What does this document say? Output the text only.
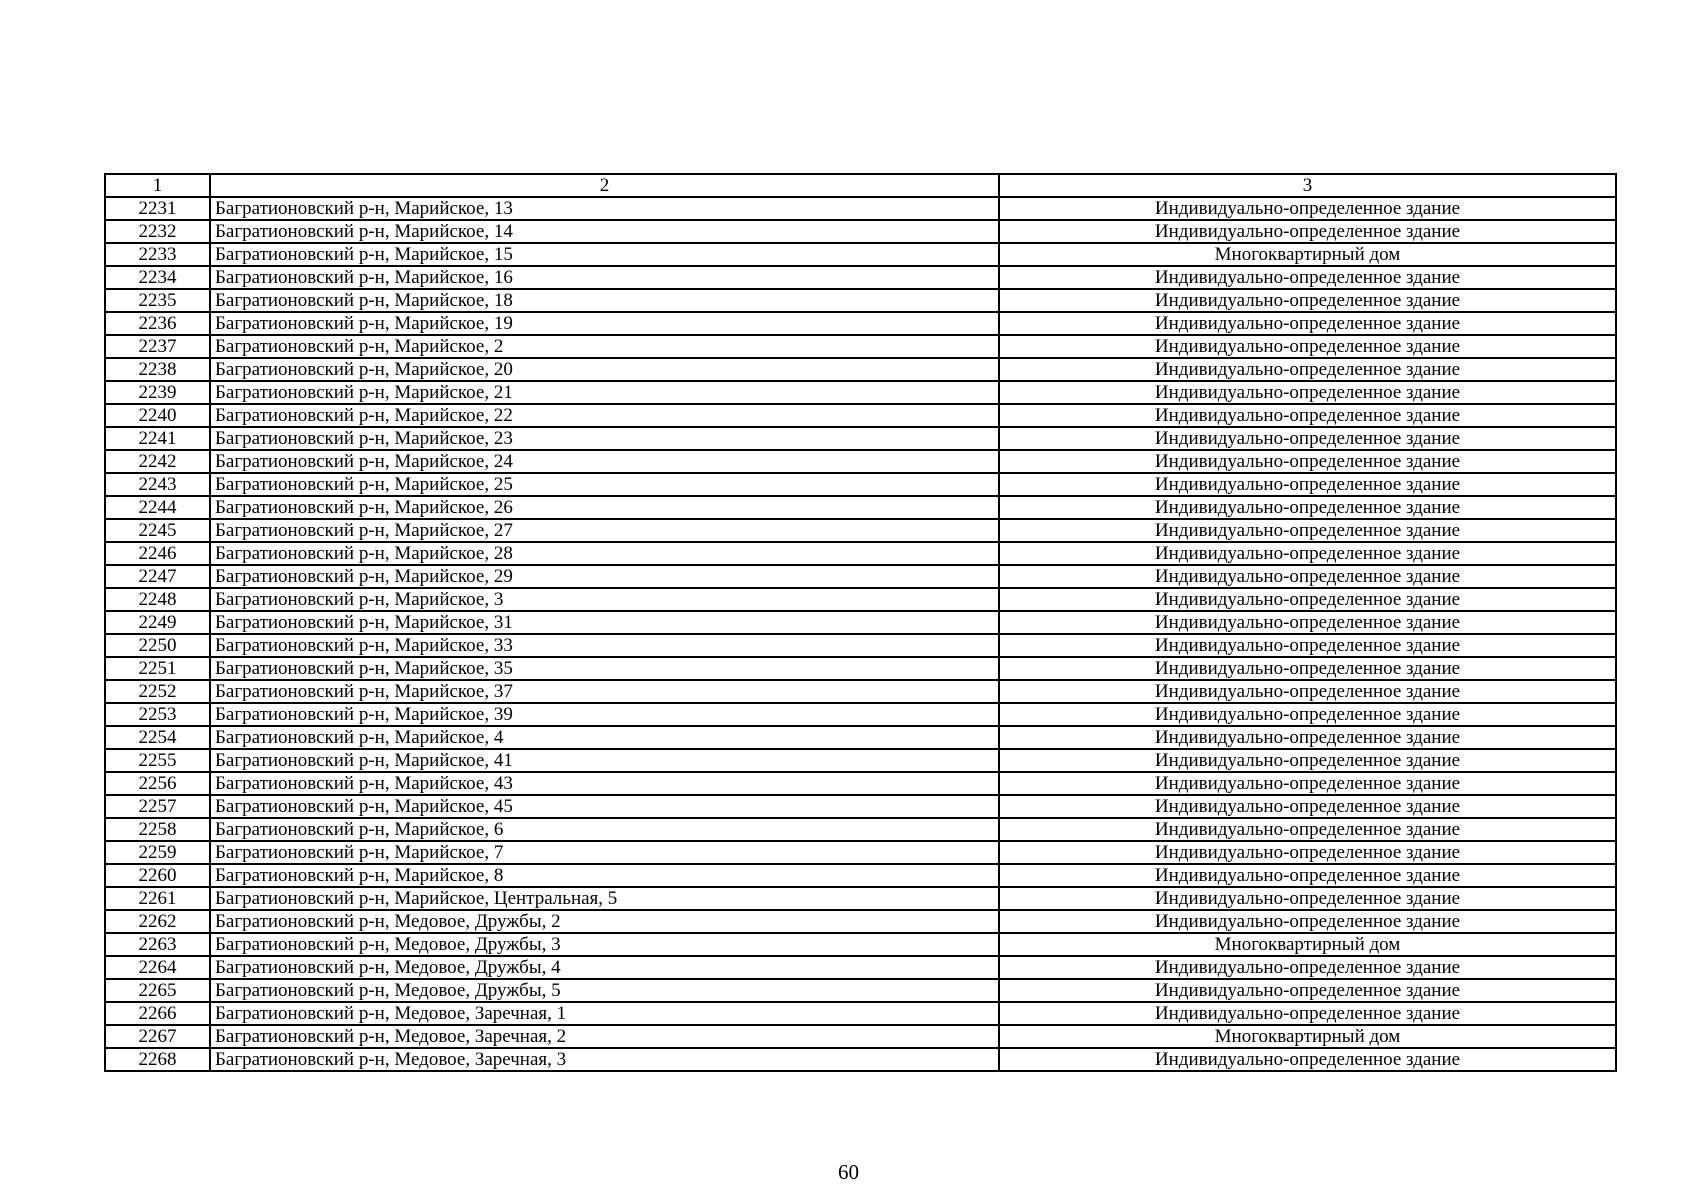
1	2	3
2231	Багратионовский р-н, Марийское, 13	Индивидуально-определенное здание
2232	Багратионовский р-н, Марийское, 14	Индивидуально-определенное здание
2233	Багратионовский р-н, Марийское, 15	Многоквартирный дом
2234	Багратионовский р-н, Марийское, 16	Индивидуально-определенное здание
2235	Багратионовский р-н, Марийское, 18	Индивидуально-определенное здание
2236	Багратионовский р-н, Марийское, 19	Индивидуально-определенное здание
2237	Багратионовский р-н, Марийское, 2	Индивидуально-определенное здание
2238	Багратионовский р-н, Марийское, 20	Индивидуально-определенное здание
2239	Багратионовский р-н, Марийское, 21	Индивидуально-определенное здание
2240	Багратионовский р-н, Марийское, 22	Индивидуально-определенное здание
2241	Багратионовский р-н, Марийское, 23	Индивидуально-определенное здание
2242	Багратионовский р-н, Марийское, 24	Индивидуально-определенное здание
2243	Багратионовский р-н, Марийское, 25	Индивидуально-определенное здание
2244	Багратионовский р-н, Марийское, 26	Индивидуально-определенное здание
2245	Багратионовский р-н, Марийское, 27	Индивидуально-определенное здание
2246	Багратионовский р-н, Марийское, 28	Индивидуально-определенное здание
2247	Багратионовский р-н, Марийское, 29	Индивидуально-определенное здание
2248	Багратионовский р-н, Марийское, 3	Индивидуально-определенное здание
2249	Багратионовский р-н, Марийское, 31	Индивидуально-определенное здание
2250	Багратионовский р-н, Марийское, 33	Индивидуально-определенное здание
2251	Багратионовский р-н, Марийское, 35	Индивидуально-определенное здание
2252	Багратионовский р-н, Марийское, 37	Индивидуально-определенное здание
2253	Багратионовский р-н, Марийское, 39	Индивидуально-определенное здание
2254	Багратионовский р-н, Марийское, 4	Индивидуально-определенное здание
2255	Багратионовский р-н, Марийское, 41	Индивидуально-определенное здание
2256	Багратионовский р-н, Марийское, 43	Индивидуально-определенное здание
2257	Багратионовский р-н, Марийское, 45	Индивидуально-определенное здание
2258	Багратионовский р-н, Марийское, 6	Индивидуально-определенное здание
2259	Багратионовский р-н, Марийское, 7	Индивидуально-определенное здание
2260	Багратионовский р-н, Марийское, 8	Индивидуально-определенное здание
2261	Багратионовский р-н, Марийское, Центральная, 5	Индивидуально-определенное здание
2262	Багратионовский р-н, Медовое, Дружбы, 2	Индивидуально-определенное здание
2263	Багратионовский р-н, Медовое, Дружбы, 3	Многоквартирный дом
2264	Багратионовский р-н, Медовое, Дружбы, 4	Индивидуально-определенное здание
2265	Багратионовский р-н, Медовое, Дружбы, 5	Индивидуально-определенное здание
2266	Багратионовский р-н, Медовое, Заречная, 1	Индивидуально-определенное здание
2267	Багратионовский р-н, Медовое, Заречная, 2	Многоквартирный дом
2268	Багратионовский р-н, Медовое, Заречная, 3	Индивидуально-определенное здание
60
